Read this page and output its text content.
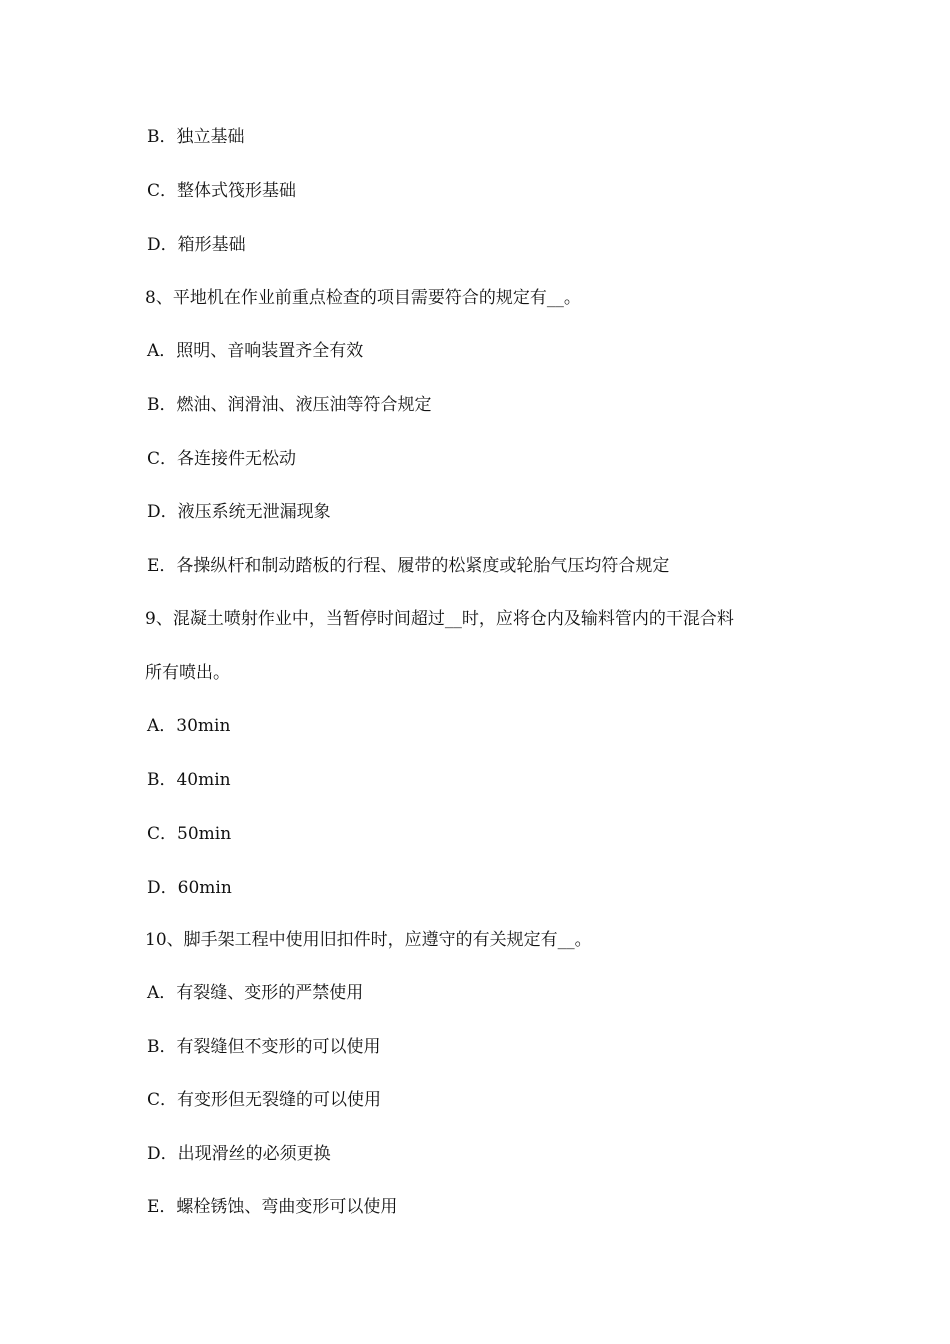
B．独立基础
C．整体式筏形基础
D．箱形基础
8、平地机在作业前重点检查的项目需要符合的规定有__。
A．照明、音响装置齐全有效
B．燃油、润滑油、液压油等符合规定
C．各连接件无松动
D．液压系统无泄漏现象
E．各操纵杆和制动踏板的行程、履带的松紧度或轮胎气压均符合规定
9、混凝土喷射作业中，当暂停时间超过__时，应将仓内及输料管内的干混合料
所有喷出。
A．30min
B．40min
C．50min
D．60min
10、脚手架工程中使用旧扣件时，应遵守的有关规定有__。
A．有裂缝、变形的严禁使用
B．有裂缝但不变形的可以使用
C．有变形但无裂缝的可以使用
D．出现滑丝的必须更换
E．螺栓锈蚀、弯曲变形可以使用
